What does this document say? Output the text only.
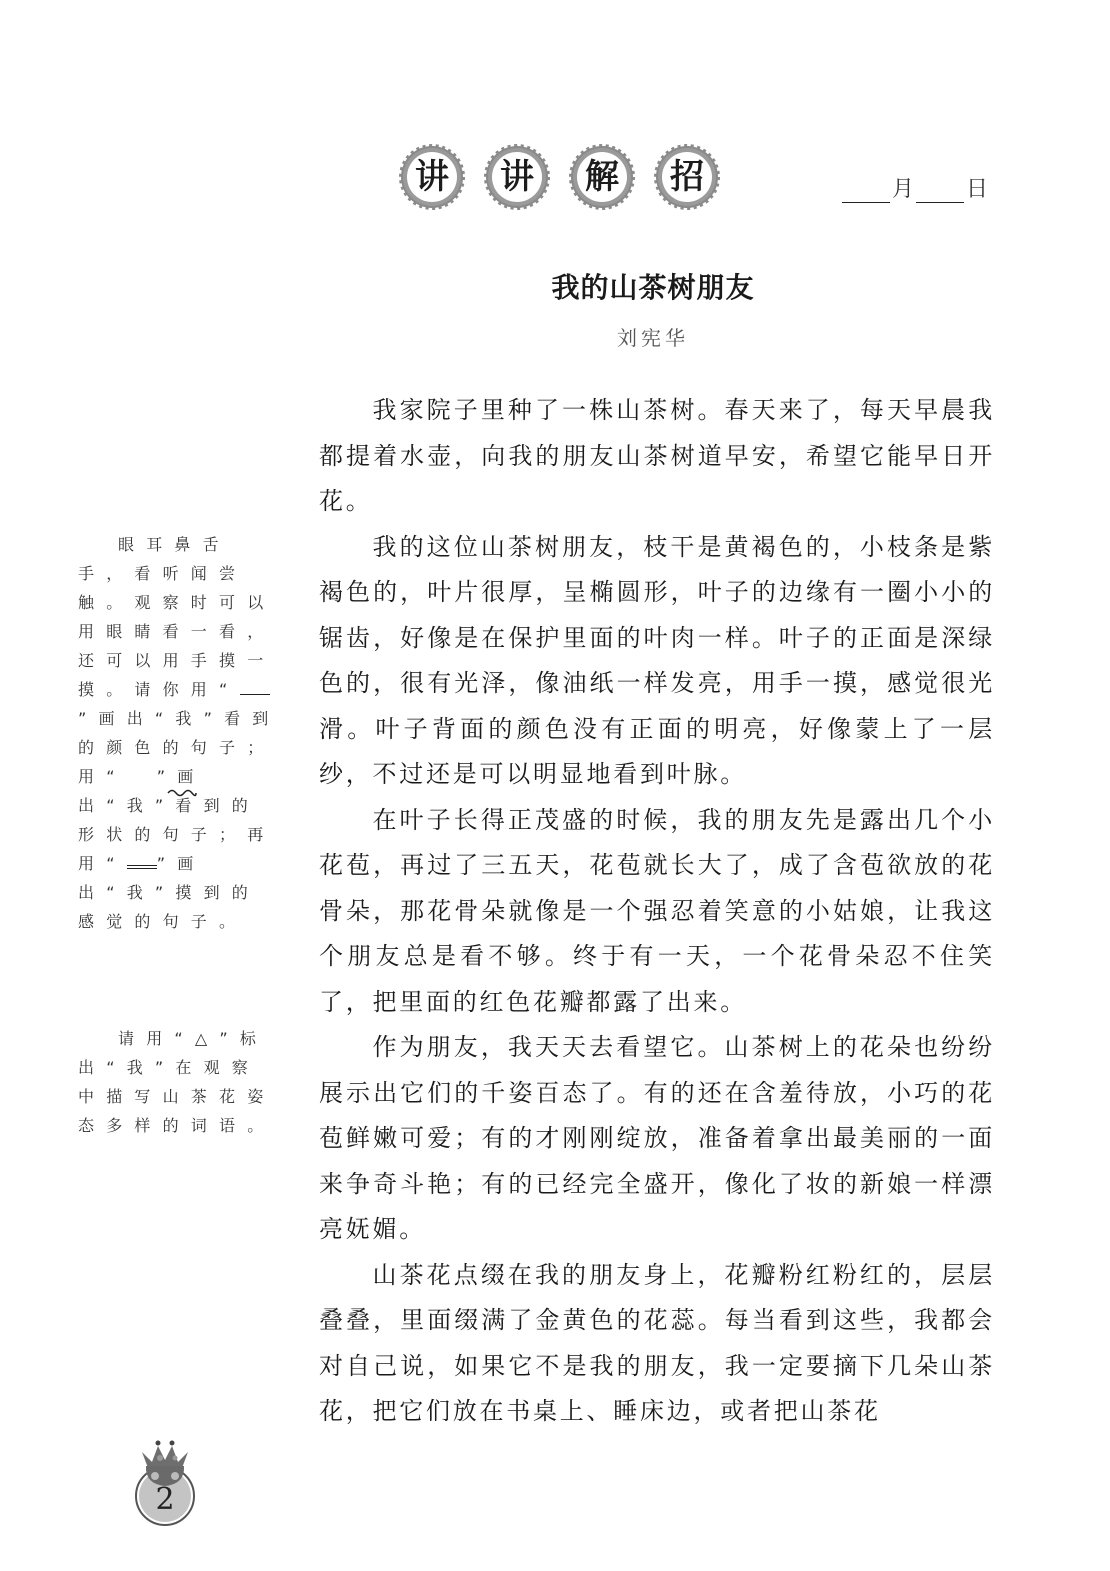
讲	讲	解	招	月 日
我的山茶树朋友
刘宪华

我家院子里种了一株山茶树。春天来了，每天早晨我都提着水壶，向我的朋友山茶树道早安，希望它能早日开花。

我的这位山茶树朋友，枝干是黄褐色的，小枝条是紫褐色的，叶片很厚，呈椭圆形，叶子的边缘有一圈小小的锯齿，好像是在保护里面的叶肉一样。叶子的正面是深绿色的，很有光泽，像油纸一样发亮，用手一摸，感觉很光滑。叶子背面的颜色没有正面的明亮，好像蒙上了一层纱，不过还是可以明显地看到叶脉。

在叶子长得正茂盛的时候，我的朋友先是露出几个小花苞，再过了三五天，花苞就长大了，成了含苞欲放的花骨朵，那花骨朵就像是一个强忍着笑意的小姑娘，让我这个朋友总是看不够。终于有一天，一个花骨朵忍不住笑了，把里面的红色花瓣都露了出来。

作为朋友，我天天去看望它。山茶树上的花朵也纷纷展示出它们的千姿百态了。有的还在含羞待放，小巧的花苞鲜嫩可爱；有的才刚刚绽放，准备着拿出最美丽的一面来争奇斗艳；有的已经完全盛开，像化了妆的新娘一样漂亮妩媚。

山茶花点缀在我的朋友身上，花瓣粉红粉红的，层层叠叠，里面缀满了金黄色的花蕊。每当看到这些，我都会对自己说，如果它不是我的朋友，我一定要摘下几朵山茶花，把它们放在书桌上、睡床边，或者把山茶花

眼耳鼻舌手，看听闻尝触。观察时可以用眼睛看一看，还可以用手摸一摸。请你用“”画出“我”看到的颜色的句子；用“ ”画出“我”看到的形状的句子；再用“ ”画出“我”摸到的感觉的句子。

请用“△”标出“我”在观察中描写山茶花姿态多样的词语。

2
